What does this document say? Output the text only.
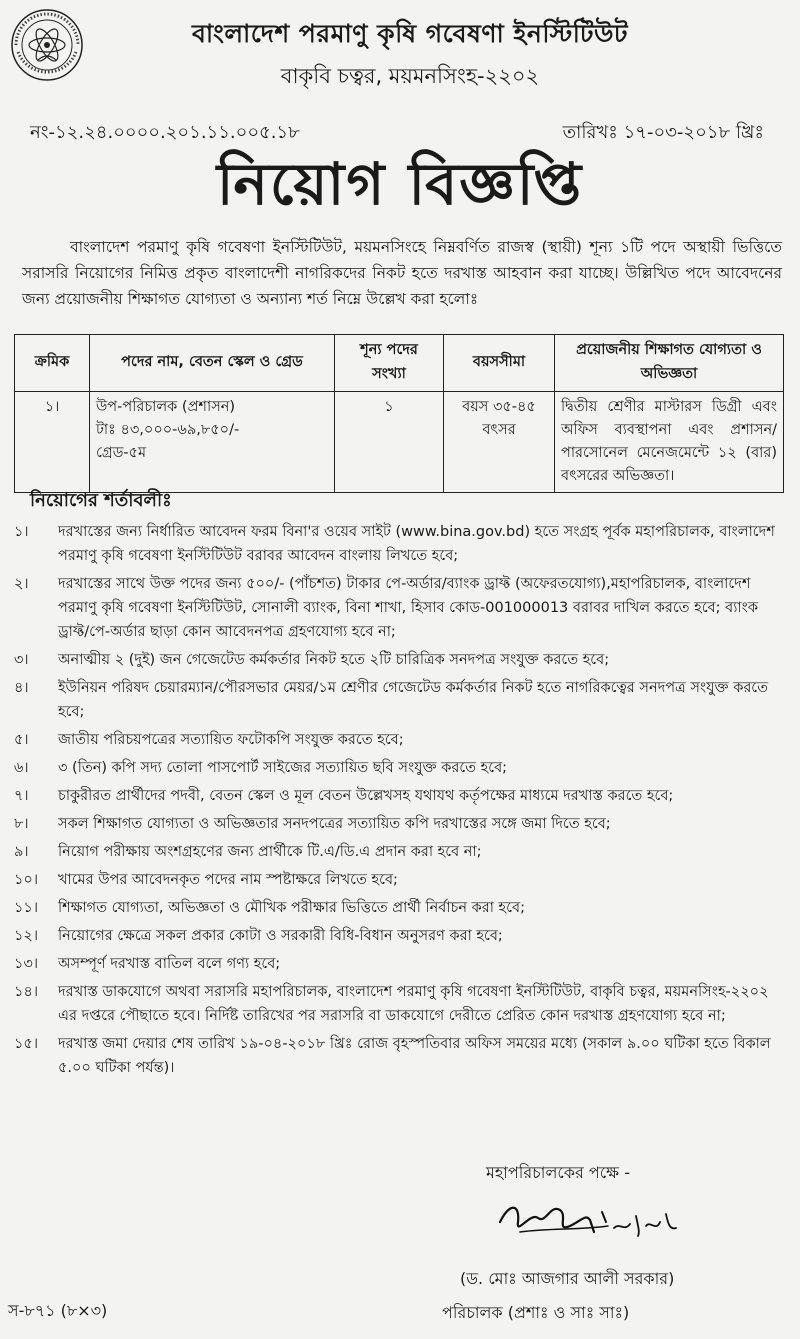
বাংলাদেশ পরমাণু কৃষি গবেষণা ইনস্টিটিউট
বাকৃবি চত্বর, ময়মনসিংহ-২২০২
নং-১২.২৪.০০০০.২০১.১১.০০৫.১৮	তারিখঃ ১৭-০৩-২০১৮ খ্রিঃ
নিয়োগ বিজ্ঞপ্তি

বাংলাদেশ পরমাণু কৃষি গবেষণা ইনস্টিটিউট, ময়মনসিংহে নিম্নবর্ণিত রাজস্ব (স্থায়ী) শূন্য ১টি পদে অস্থায়ী ভিত্তিতে সরাসরি নিয়োগের নিমিত্ত প্রকৃত বাংলাদেশী নাগরিকদের নিকট হতে দরখাস্ত আহবান করা যাচ্ছে। উল্লিখিত পদে আবেদনের জন্য প্রয়োজনীয় শিক্ষাগত যোগ্যতা ও অন্যান্য শর্ত নিম্নে উল্লেখ করা হলোঃ

ক্রমিক	পদের নাম, বেতন স্কেল ও গ্রেড	শূন্য পদের সংখ্যা	বয়সসীমা	প্রয়োজনীয় শিক্ষাগত যোগ্যতা ও অভিজ্ঞতা
১।	উপ-পরিচালক (প্রশাসন)
টাঃ ৪৩,০০০-৬৯,৮৫০/-
গ্রেড-৫ম	১	বয়স ৩৫-৪৫ বৎসর	দ্বিতীয় শ্রেণীর মাস্টারস ডিগ্রী এবং অফিস ব্যবস্থাপনা এবং প্রশাসন/পারসোনেল মেনেজমেন্টে ১২ (বার) বৎসরের অভিজ্ঞতা।
নিয়োগের শর্তাবলীঃ
১।	দরখাস্তের জন্য নির্ধারিত আবেদন ফরম বিনা'র ওয়েব সাইট (www.bina.gov.bd) হতে সংগ্রহ পূর্বক মহাপরিচালক, বাংলাদেশ পরমাণু কৃষি গবেষণা ইনস্টিটিউট বরাবর আবেদন বাংলায় লিখতে হবে;
২।	দরখাস্তের সাথে উক্ত পদের জন্য ৫০০/- (পাঁচশত) টাকার পে-অর্ডার/ব্যাংক ড্রাফ্ট (অফেরতযোগ্য),মহাপরিচালক, বাংলাদেশ পরমাণু কৃষি গবেষণা ইনস্টিটিউট, সোনালী ব্যাংক, বিনা শাখা, হিসাব কোড-001000013 বরাবর দাখিল করতে হবে; ব্যাংক ড্রাফ্ট/পে-অর্ডার ছাড়া কোন আবেদনপত্র গ্রহণযোগ্য হবে না;
৩।	অনাত্মীয় ২ (দুই) জন গেজেটেড কর্মকর্তার নিকট হতে ২টি চারিত্রিক সনদপত্র সংযুক্ত করতে হবে;
৪।	ইউনিয়ন পরিষদ চেয়ারম্যান/পৌরসভার মেয়র/১ম শ্রেণীর গেজেটেড কর্মকর্তার নিকট হতে নাগরিকত্বের সনদপত্র সংযুক্ত করতে হবে;
৫।	জাতীয় পরিচয়পত্রের সত্যায়িত ফটোকপি সংযুক্ত করতে হবে;
৬।	৩ (তিন) কপি সদ্য তোলা পাসপোর্ট সাইজের সত্যায়িত ছবি সংযুক্ত করতে হবে;
৭।	চাকুরীরত প্রার্থীদের পদবী, বেতন স্কেল ও মূল বেতন উল্লেখসহ যথাযথ কর্তৃপক্ষের মাধ্যমে দরখাস্ত করতে হবে;
৮।	সকল শিক্ষাগত যোগ্যতা ও অভিজ্ঞতার সনদপত্রের সত্যায়িত কপি দরখাস্তের সঙ্গে জমা দিতে হবে;
৯।	নিয়োগ পরীক্ষায় অংশগ্রহণের জন্য প্রার্থীকে টি.এ/ডি.এ প্রদান করা হবে না;
১০।	খামের উপর আবেদনকৃত পদের নাম স্পষ্টাক্ষরে লিখতে হবে;
১১।	শিক্ষাগত যোগ্যতা, অভিজ্ঞতা ও মৌখিক পরীক্ষার ভিত্তিতে প্রার্থী নির্বাচন করা হবে;
১২।	নিয়োগের ক্ষেত্রে সকল প্রকার কোটা ও সরকারী বিধি-বিধান অনুসরণ করা হবে;
১৩।	অসম্পূর্ণ দরখাস্ত বাতিল বলে গণ্য হবে;
১৪।	দরখাস্ত ডাকযোগে অথবা সরাসরি মহাপরিচালক, বাংলাদেশ পরমাণু কৃষি গবেষণা ইনস্টিটিউট, বাকৃবি চত্বর, ময়মনসিংহ-২২০২ এর দপ্তরে পৌছাতে হবে। নির্দিষ্ট তারিখের পর সরাসরি বা ডাকযোগে দেরীতে প্রেরিত কোন দরখাস্ত গ্রহণযোগ্য হবে না;
১৫।	দরখাস্ত জমা দেয়ার শেষ তারিখ ১৯-০৪-২০১৮ খ্রিঃ রোজ বৃহস্পতিবার অফিস সময়ের মধ্যে (সকাল ৯.০০ ঘটিকা হতে বিকাল ৫.০০ ঘটিকা পর্যন্ত)।
মহাপরিচালকের পক্ষে -
(ড. মোঃ আজগার আলী সরকার)
পরিচালক (প্রশাঃ ও সাঃ সাঃ)
স-৮৭১ (৮×৩)
